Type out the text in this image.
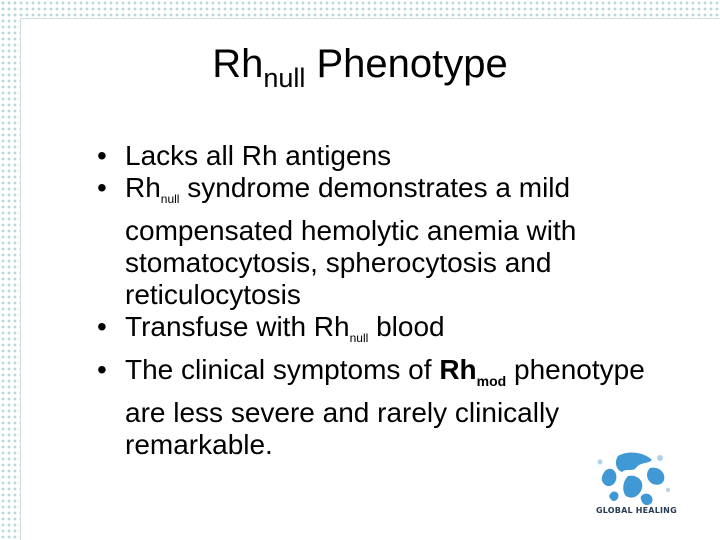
$Rh_{null}$ Phenotype
• Lacks all Rh antigens
• $Rh_{null}$ syndrome demonstrates a mild compensated hemolytic anemia with stomatocytosis, spherocytosis and reticulocytosis
• Transfuse with $Rh_{null}$ blood
• The clinical symptoms of $Rh_{mod}$ phenotype are less severe and rarely clinically remarkable.
GLOBAL HEALING
